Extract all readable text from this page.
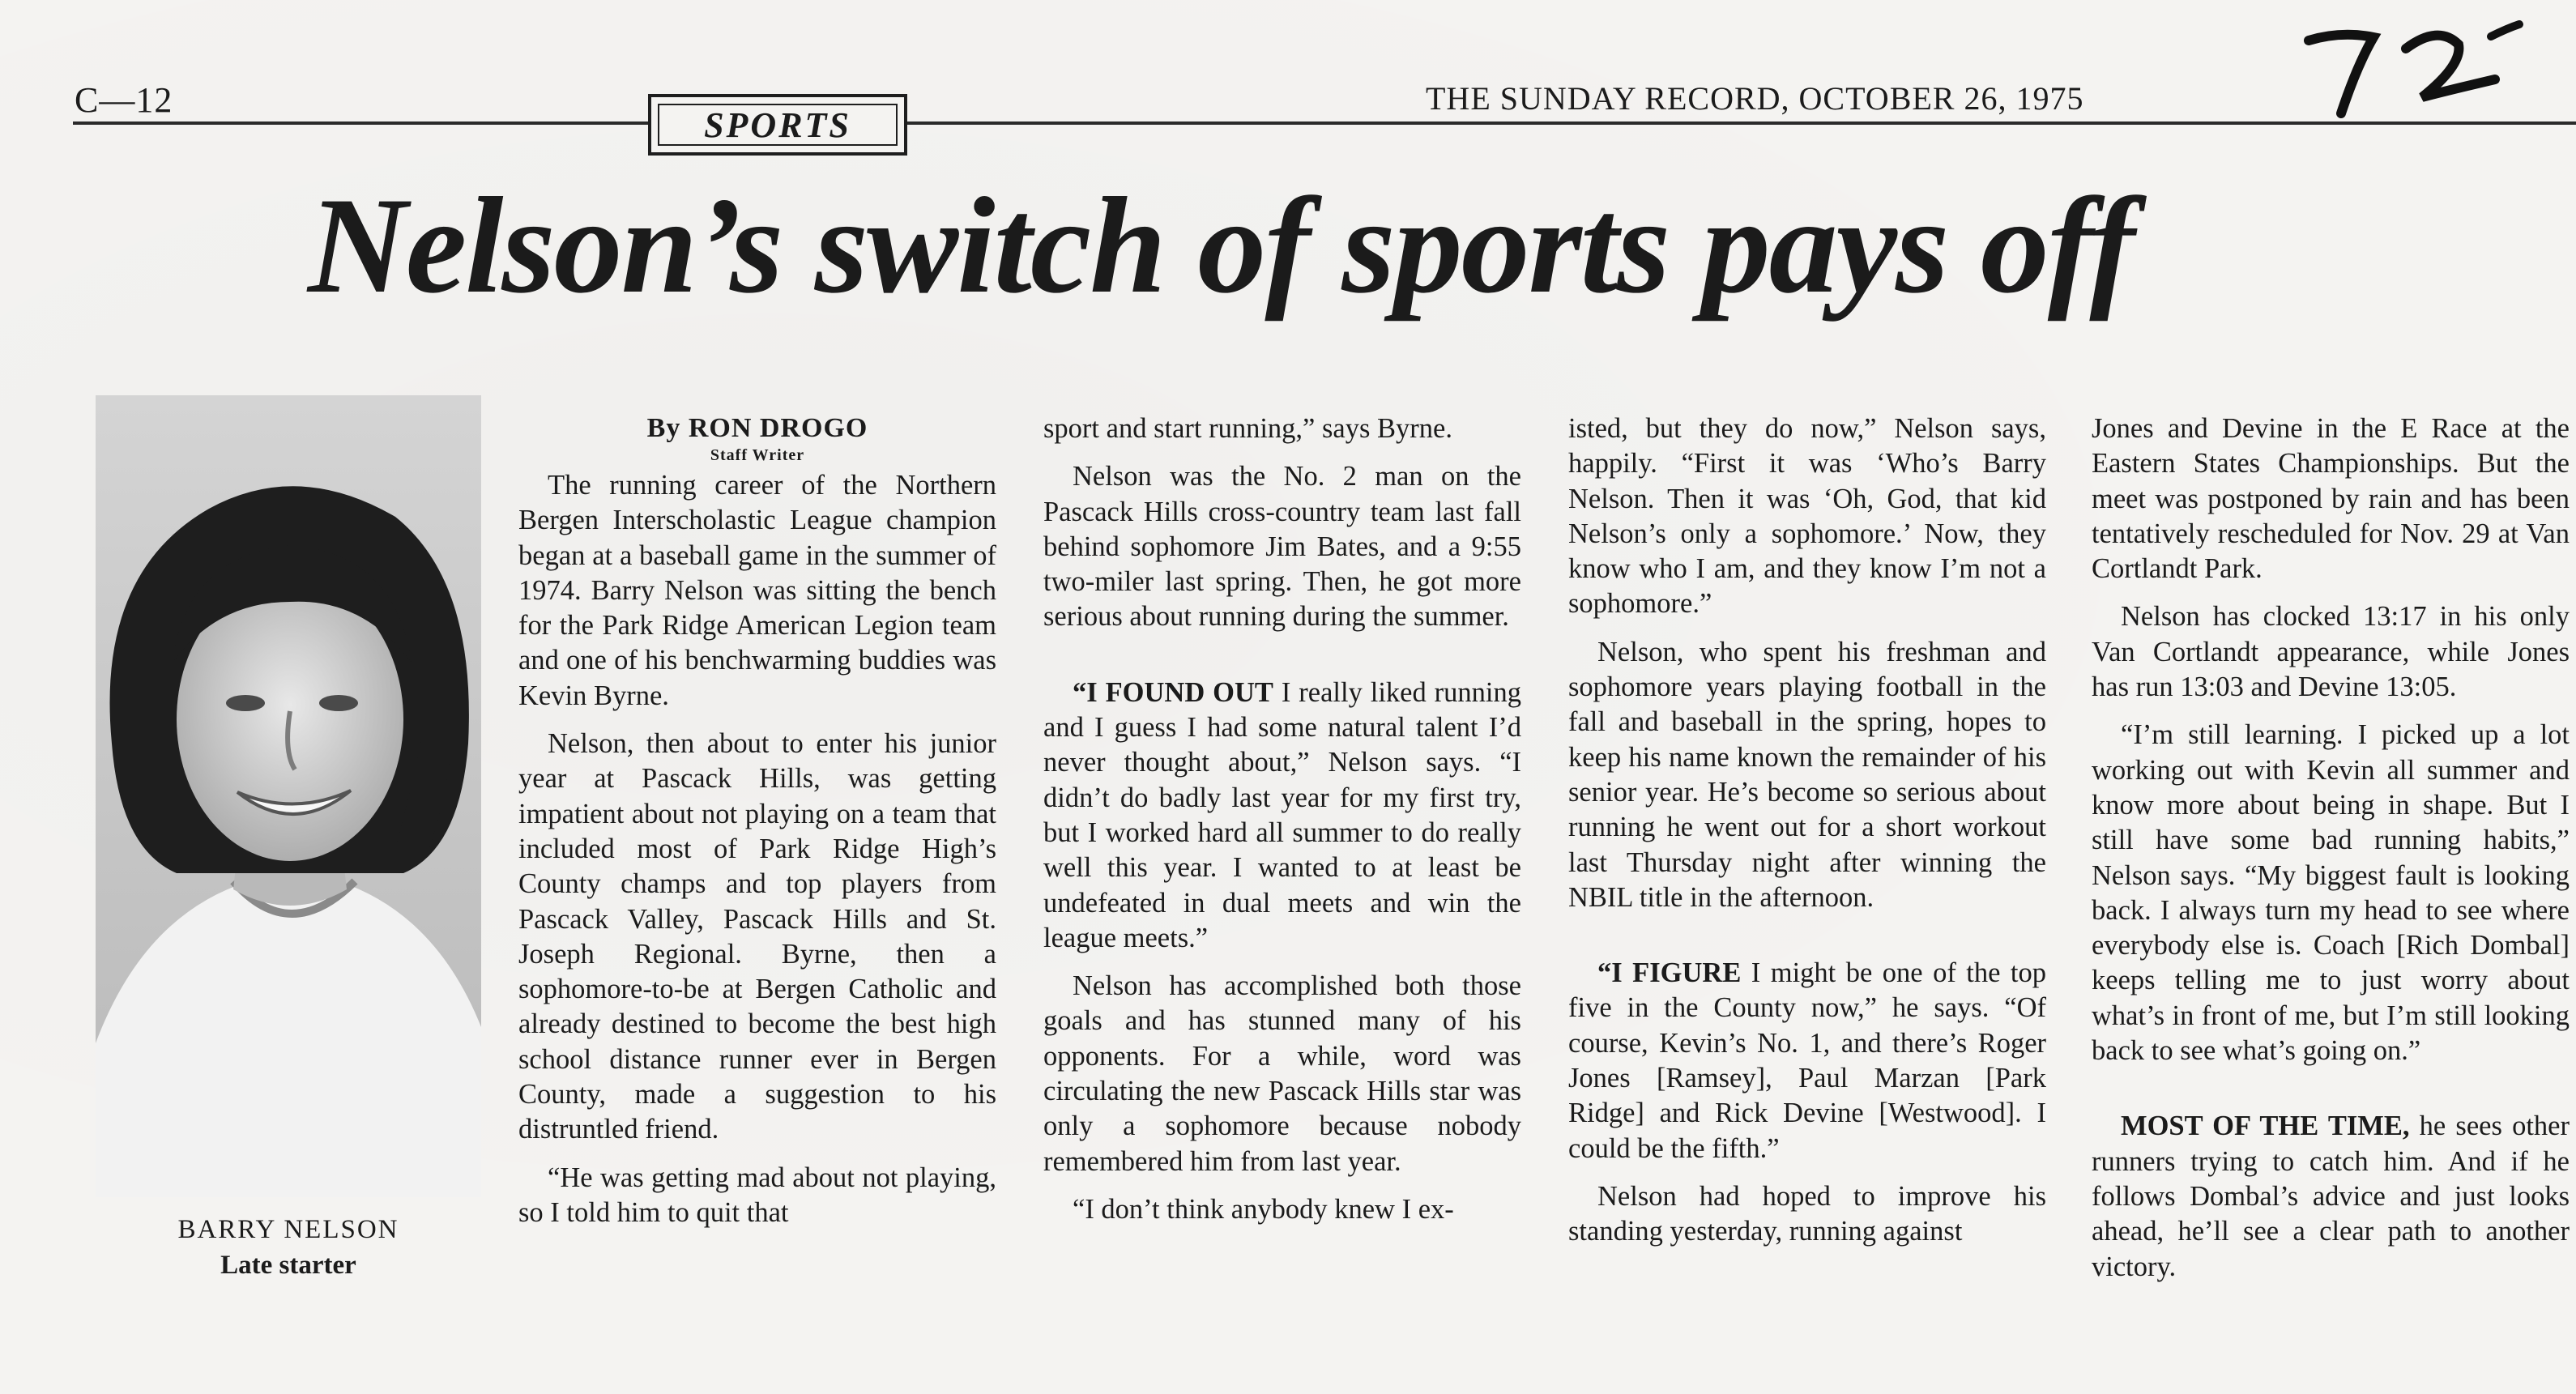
C—12
SPORTS
THE SUNDAY RECORD, OCTOBER 26, 1975
Nelson’s switch of sports pays off
BARRY NELSON
Late starter
By RON DROGO
Staff Writer

The running career of the Northern Bergen Interscholastic League champion began at a baseball game in the summer of 1974. Barry Nelson was sitting the bench for the Park Ridge American Legion team and one of his benchwarming buddies was Kevin Byrne.

Nelson, then about to enter his junior year at Pascack Hills, was getting impatient about not playing on a team that included most of Park Ridge High’s County champs and top players from Pascack Valley, Pascack Hills and St. Joseph Regional. Byrne, then a sophomore-to-be at Bergen Catholic and already destined to become the best high school distance runner ever in Bergen County, made a suggestion to his distruntled friend.

“He was getting mad about not playing, so I told him to quit that

sport and start running,” says Byrne.

Nelson was the No. 2 man on the Pascack Hills cross-country team last fall behind sophomore Jim Bates, and a 9:55 two-miler last spring. Then, he got more serious about running during the summer.

“I FOUND OUT I really liked running and I guess I had some natural talent I’d never thought about,” Nelson says. “I didn’t do badly last year for my first try, but I worked hard all summer to do really well this year. I wanted to at least be undefeated in dual meets and win the league meets.”

Nelson has accomplished both those goals and has stunned many of his opponents. For a while, word was circulating the new Pascack Hills star was only a sophomore because nobody remembered him from last year.

“I don’t think anybody knew I ex-

isted, but they do now,” Nelson says, happily. “First it was ‘Who’s Barry Nelson. Then it was ‘Oh, God, that kid Nelson’s only a sophomore.’ Now, they know who I am, and they know I’m not a sophomore.”

Nelson, who spent his freshman and sophomore years playing football in the fall and baseball in the spring, hopes to keep his name known the remainder of his senior year. He’s become so serious about running he went out for a short workout last Thursday night after winning the NBIL title in the afternoon.

“I FIGURE I might be one of the top five in the County now,” he says. “Of course, Kevin’s No. 1, and there’s Roger Jones [Ramsey], Paul Marzan [Park Ridge] and Rick Devine [Westwood]. I could be the fifth.”

Nelson had hoped to improve his standing yesterday, running against

Jones and Devine in the E Race at the Eastern States Championships. But the meet was postponed by rain and has been tentatively rescheduled for Nov. 29 at Van Cortlandt Park.

Nelson has clocked 13:17 in his only Van Cortlandt appearance, while Jones has run 13:03 and Devine 13:05.

“I’m still learning. I picked up a lot working out with Kevin all summer and know more about being in shape. But I still have some bad running habits,” Nelson says. “My biggest fault is looking back. I always turn my head to see where everybody else is. Coach [Rich Dombal] keeps telling me to just worry about what’s in front of me, but I’m still looking back to see what’s going on.”

MOST OF THE TIME, he sees other runners trying to catch him. And if he follows Dombal’s advice and just looks ahead, he’ll see a clear path to another victory.
